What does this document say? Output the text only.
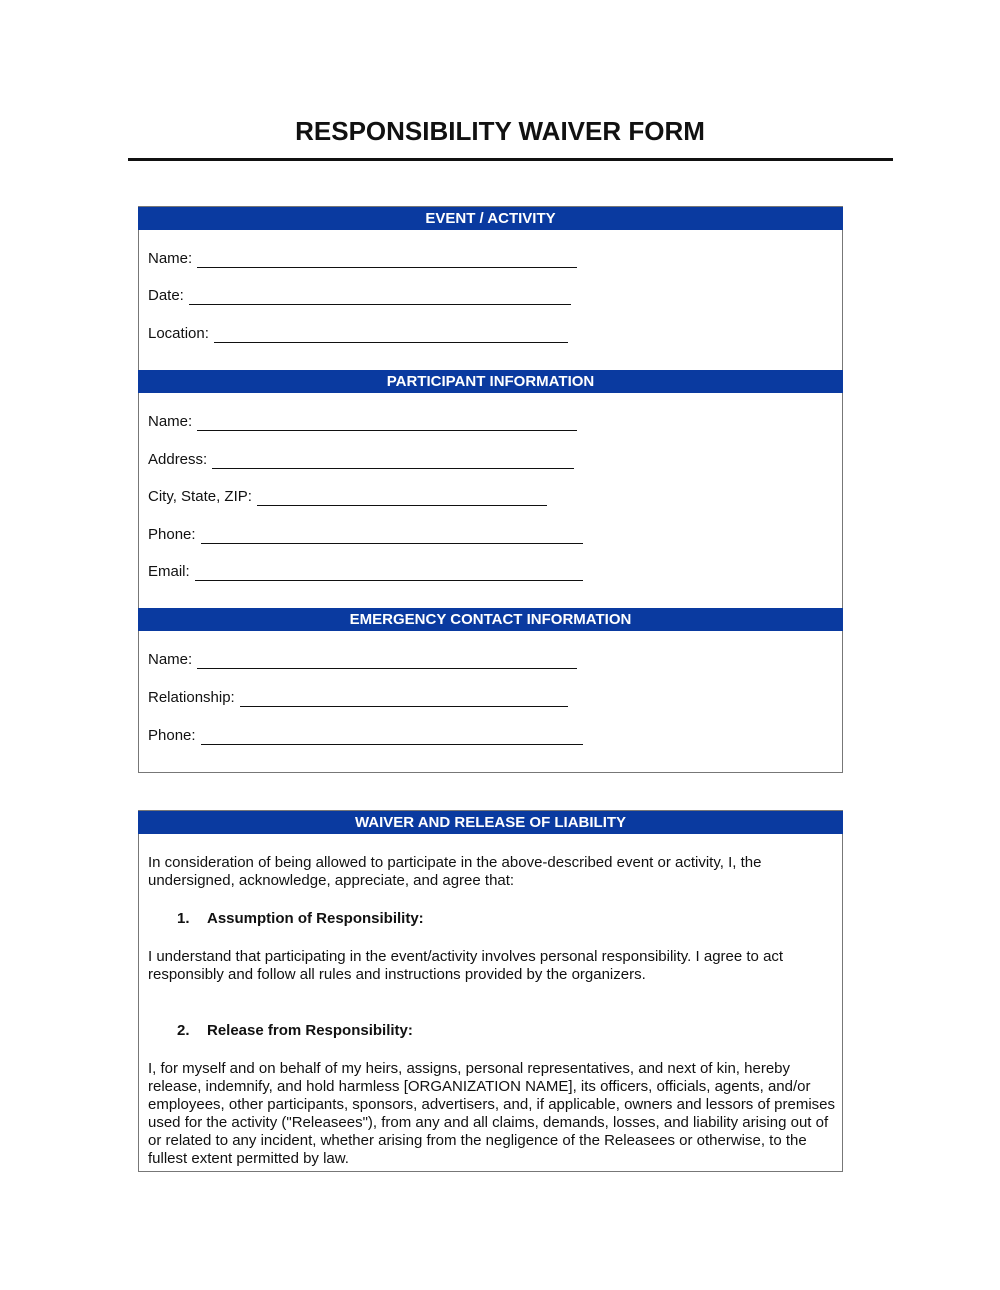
RESPONSIBILITY WAIVER FORM
EVENT / ACTIVITY
Name:
Date:
Location:
PARTICIPANT INFORMATION
Name:
Address:
City, State, ZIP:
Phone:
Email:
EMERGENCY CONTACT INFORMATION
Name:
Relationship:
Phone:
WAIVER AND RELEASE OF LIABILITY
In consideration of being allowed to participate in the above-described event or activity, I, the undersigned, acknowledge, appreciate, and agree that:
1. Assumption of Responsibility:
I understand that participating in the event/activity involves personal responsibility. I agree to act responsibly and follow all rules and instructions provided by the organizers.
2. Release from Responsibility:
I, for myself and on behalf of my heirs, assigns, personal representatives, and next of kin, hereby release, indemnify, and hold harmless [ORGANIZATION NAME], its officers, officials, agents, and/or employees, other participants, sponsors, advertisers, and, if applicable, owners and lessors of premises used for the activity ("Releasees"), from any and all claims, demands, losses, and liability arising out of or related to any incident, whether arising from the negligence of the Releasees or otherwise, to the fullest extent permitted by law.
